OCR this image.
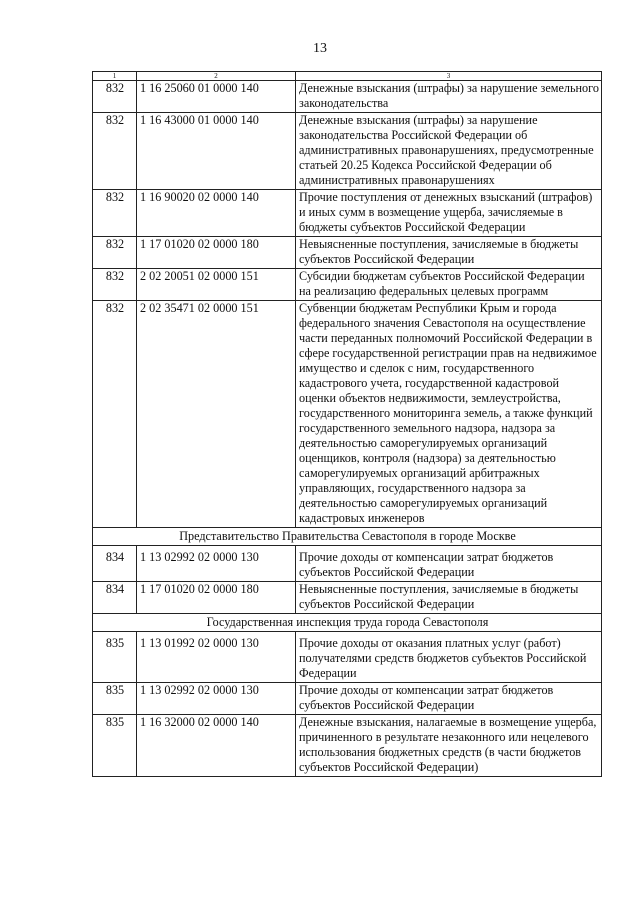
13
1	2	3
832	1 16 25060 01 0000 140	Денежные взыскания (штрафы) за нарушение земельного законодательства
832	1 16 43000 01 0000 140	Денежные взыскания (штрафы) за нарушение законодательства Российской Федерации об административных правонарушениях, предусмотренные статьей 20.25 Кодекса Российской Федерации об административных правонарушениях
832	1 16 90020 02 0000 140	Прочие поступления от денежных взысканий (штрафов) и иных сумм в возмещение ущерба, зачисляемые в бюджеты субъектов Российской Федерации
832	1 17 01020 02 0000 180	Невыясненные поступления, зачисляемые в бюджеты субъектов Российской Федерации
832	2 02 20051 02 0000 151	Субсидии бюджетам субъектов Российской Федерации на реализацию федеральных целевых программ
832	2 02 35471 02 0000 151	Субвенции бюджетам Республики Крым и города федерального значения Севастополя на осуществление части переданных полномочий Российской Федерации в сфере государственной регистрации прав на недвижимое имущество и сделок с ним, государственного кадастрового учета, государственной кадастровой оценки объектов недвижимости, землеустройства, государственного мониторинга земель, а также функций государственного земельного надзора, надзора за деятельностью саморегулируемых организаций оценщиков, контроля (надзора) за деятельностью саморегулируемых организаций арбитражных управляющих, государственного надзора за деятельностью саморегулируемых организаций кадастровых инженеров
Представительство Правительства Севастополя в городе Москве		
834	1 13 02992 02 0000 130	Прочие доходы от компенсации затрат бюджетов субъектов Российской Федерации
834	1 17 01020 02 0000 180	Невыясненные поступления, зачисляемые в бюджеты субъектов Российской Федерации
Государственная инспекция труда города Севастополя		
835	1 13 01992 02 0000 130	Прочие доходы от оказания платных услуг (работ) получателями средств бюджетов субъектов Российской Федерации
835	1 13 02992 02 0000 130	Прочие доходы от компенсации затрат бюджетов субъектов Российской Федерации
835	1 16 32000 02 0000 140	Денежные взыскания, налагаемые в возмещение ущерба, причиненного в результате незаконного или нецелевого использования бюджетных средств (в части бюджетов субъектов Российской Федерации)
